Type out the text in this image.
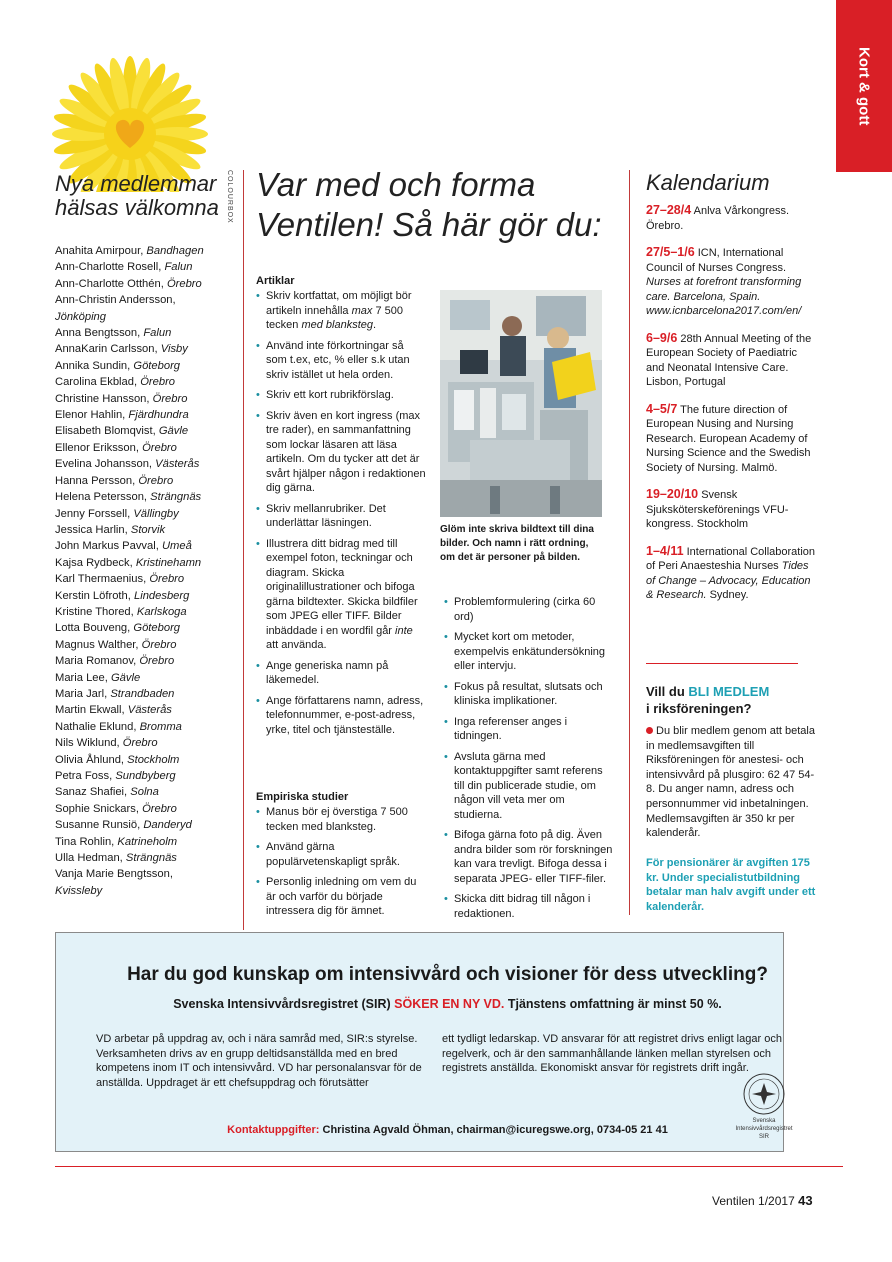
Kort & gott
COLOURBOX
Nya medlemmar
hälsas välkomna
Anahita Amirpour, Bandhagen
Ann-Charlotte Rosell, Falun
Ann-Charlotte Otthén, Örebro
Ann-Christin Andersson,
Jönköping
Anna Bengtsson, Falun
AnnaKarin Carlsson, Visby
Annika Sundin, Göteborg
Carolina Ekblad, Örebro
Christine Hansson, Örebro
Elenor Hahlin, Fjärdhundra
Elisabeth Blomqvist, Gävle
Ellenor Eriksson, Örebro
Evelina Johansson, Västerås
Hanna Persson, Örebro
Helena Petersson, Strängnäs
Jenny Forssell, Vällingby
Jessica Harlin, Storvik
John Markus Pavval, Umeå
Kajsa Rydbeck, Kristinehamn
Karl Thermaenius, Örebro
Kerstin Löfroth, Lindesberg
Kristine Thored, Karlskoga
Lotta Bouveng, Göteborg
Magnus Walther, Örebro
Maria Romanov, Örebro
Maria Lee, Gävle
Maria Jarl, Strandbaden
Martin Ekwall, Västerås
Nathalie Eklund, Bromma
Nils Wiklund, Örebro
Olivia Åhlund, Stockholm
Petra Foss, Sundbyberg
Sanaz Shafiei, Solna
Sophie Snickars, Örebro
Susanne Runsiö, Danderyd
Tina Rohlin, Katrineholm
Ulla Hedman, Strängnäs
Vanja Marie Bengtsson,
Kvissleby
Var med och forma
Ventilen! Så här gör du:
Artiklar
• Skriv kortfattat, om möjligt bör artikeln innehålla max 7 500 tecken med blanksteg.
• Använd inte förkortningar så som t.ex, etc, % eller s.k utan skriv istället ut hela orden.
• Skriv ett kort rubrikförslag.
• Skriv även en kort ingress (max tre rader), en sammanfattning som lockar läsaren att läsa artikeln. Om du tycker att det är svårt hjälper någon i redaktionen dig gärna.
• Skriv mellanrubriker. Det underlättar läsningen.
• Illustrera ditt bidrag med till exempel foton, teckningar och diagram. Skicka originalillustrationer och bifoga gärna bildtexter. Skicka bildfiler som JPEG eller TIFF. Bilder inbäddade i en wordfil går inte att använda.
• Ange generiska namn på läkemedel.
• Ange författarens namn, adress, telefonnummer, e-post-adress, yrke, titel och tjänsteställe.
Empiriska studier
• Manus bör ej överstiga 7 500 tecken med blanksteg.
• Använd gärna populärvetenskapligt språk.
• Personlig inledning om vem du är och varför du började intressera dig för ämnet.
Glöm inte skriva bildtext till dina bilder. Och namn i rätt ordning, om det är personer på bilden.
• Problemformulering (cirka 60 ord)
• Mycket kort om metoder, exempelvis enkätundersökning eller intervju.
• Fokus på resultat, slutsats och kliniska implikationer.
• Inga referenser anges i tidningen.
• Avsluta gärna med kontaktuppgifter samt referens till din publicerade studie, om någon vill veta mer om studierna.
• Bifoga gärna foto på dig. Även andra bilder som rör forskningen kan vara trevligt. Bifoga dessa i separata JPEG- eller TIFF-filer.
• Skicka ditt bidrag till någon i redaktionen.
Kalendarium
27–28/4 Anlva Vårkongress. Örebro.
27/5–1/6 ICN, International Council of Nurses Congress. Nurses at forefront transforming care. Barcelona, Spain. www.icnbarcelona2017.com/en/
6–9/6 28th Annual Meeting of the European Society of Paediatric and Neonatal Intensive Care. Lisbon, Portugal
4–5/7 The future direction of European Nusing and Nursing Research. European Academy of Nursing Science and the Swedish Society of Nursing. Malmö.
19–20/10 Svensk Sjuksköterskeförenings VFU-kongress. Stockholm
1–4/11 International Collaboration of Peri Anaesteshia Nurses Tides of Change – Advocacy, Education & Research. Sydney.
Vill du BLI MEDLEM
i riksföreningen?
Du blir medlem genom att betala in medlemsavgiften till Riksföreningen för anestesi- och intensivvård på plusgiro: 62 47 54-8. Du anger namn, adress och personnummer vid inbetalningen. Medlemsavgiften är 350 kr per kalenderår.
För pensionärer är avgiften 175 kr. Under specialistutbildning betalar man halv avgift under ett kalenderår.
Har du god kunskap om intensivvård och visioner för dess utveckling?
Svenska Intensivvårdsregistret (SIR) SÖKER EN NY VD. Tjänstens omfattning är minst 50 %.
VD arbetar på uppdrag av, och i nära samråd med, SIR:s styrelse. Verksamheten drivs av en grupp deltidsanställda med en bred kompetens inom IT och intensivvård. VD har personalansvar för de anställda. Uppdraget är ett chefsuppdrag och förutsätter
ett tydligt ledarskap. VD ansvarar för att registret drivs enligt lagar och regelverk, och är den sammanhållande länken mellan styrelsen och registrets anställda. Ekonomiskt ansvar för registrets drift ingår.
Kontaktuppgifter: Christina Agvald Öhman, chairman@icuregswe.org, 0734-05 21 41
Svenska
Intensivvårdsregistret
SIR
Ventilen 1/2017 43
